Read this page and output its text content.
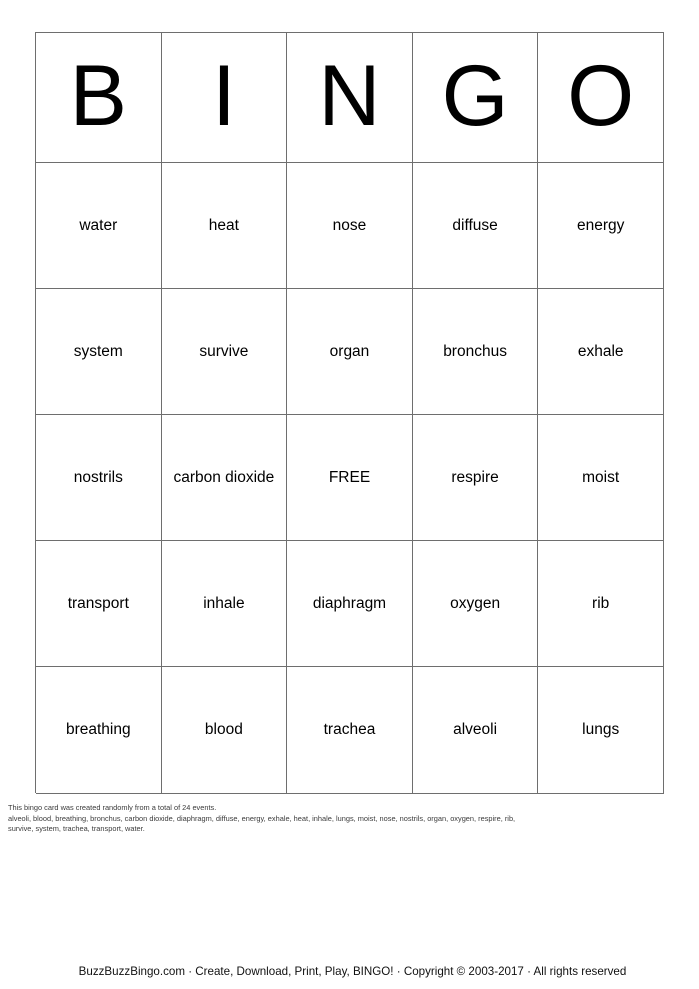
B I N G O
water	heat	nose	diffuse	energy
system	survive	organ	bronchus	exhale
nostrils	carbon dioxide	FREE	respire	moist
transport	inhale	diaphragm	oxygen	rib
breathing	blood	trachea	alveoli	lungs
This bingo card was created randomly from a total of 24 events.
alveoli, blood, breathing, bronchus, carbon dioxide, diaphragm, diffuse, energy, exhale, heat, inhale, lungs, moist, nose, nostrils, organ, oxygen, respire, rib,
survive, system, trachea, transport, water.
BuzzBuzzBingo.com · Create, Download, Print, Play, BINGO! · Copyright © 2003-2017 · All rights reserved
